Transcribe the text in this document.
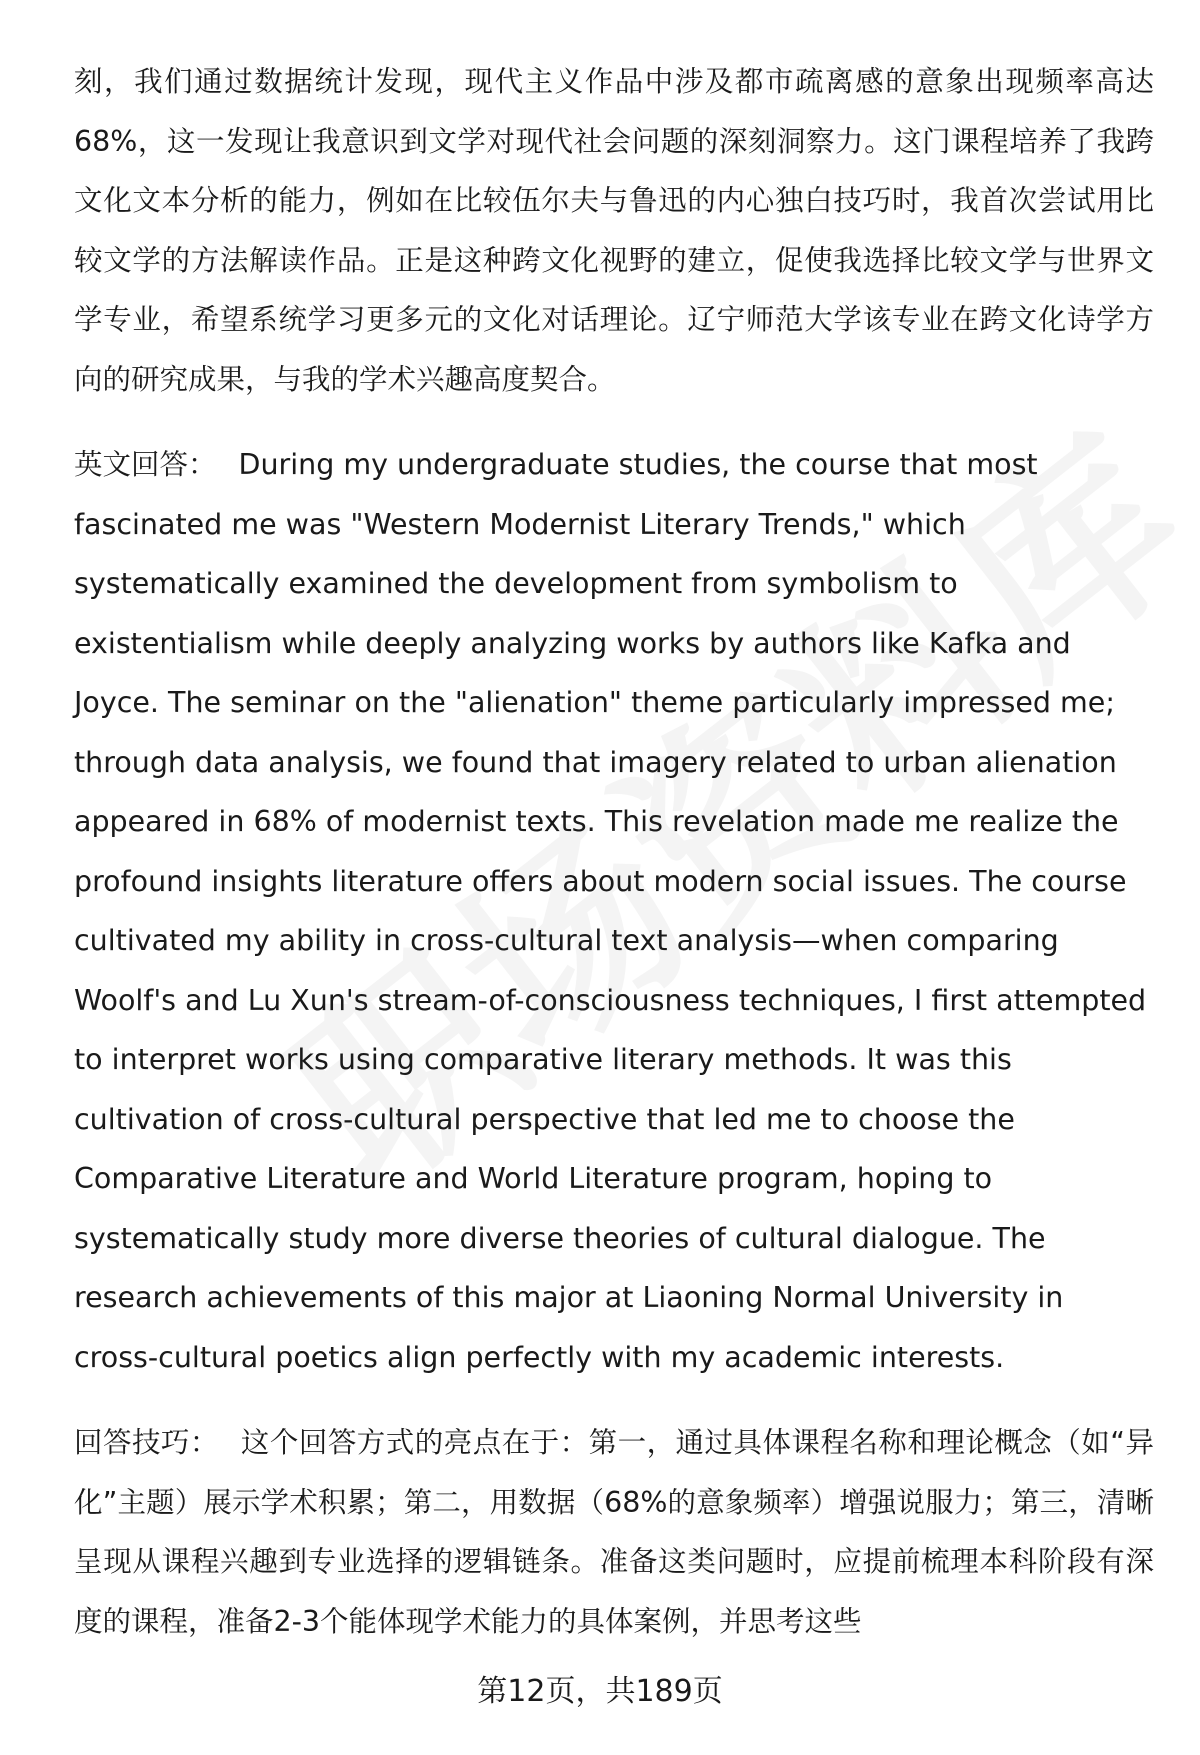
刻，我们通过数据统计发现，现代主义作品中涉及都市疏离感的意象出现频率高达68%，这一发现让我意识到文学对现代社会问题的深刻洞察力。这门课程培养了我跨文化文本分析的能力，例如在比较伍尔夫与鲁迅的内心独白技巧时，我首次尝试用比较文学的方法解读作品。正是这种跨文化视野的建立，促使我选择比较文学与世界文学专业，希望系统学习更多元的文化对话理论。辽宁师范大学该专业在跨文化诗学方向的研究成果，与我的学术兴趣高度契合。

英文回答： During my undergraduate studies, the course that most fascinated me was "Western Modernist Literary Trends," which systematically examined the development from symbolism to existentialism while deeply analyzing works by authors like Kafka and Joyce. The seminar on the "alienation" theme particularly impressed me; through data analysis, we found that imagery related to urban alienation appeared in 68% of modernist texts. This revelation made me realize the profound insights literature offers about modern social issues. The course cultivated my ability in cross-cultural text analysis—when comparing Woolf's and Lu Xun's stream-of-consciousness techniques, I first attempted to interpret works using comparative literary methods. It was this cultivation of cross-cultural perspective that led me to choose the Comparative Literature and World Literature program, hoping to systematically study more diverse theories of cultural dialogue. The research achievements of this major at Liaoning Normal University in cross-cultural poetics align perfectly with my academic interests.

回答技巧： 这个回答方式的亮点在于：第一，通过具体课程名称和理论概念（如“异化”主题）展示学术积累；第二，用数据（68%的意象频率）增强说服力；第三，清晰呈现从课程兴趣到专业选择的逻辑链条。准备这类问题时，应提前梳理本科阶段有深度的课程，准备2-3个能体现学术能力的具体案例，并思考这些

第12页，共189页
